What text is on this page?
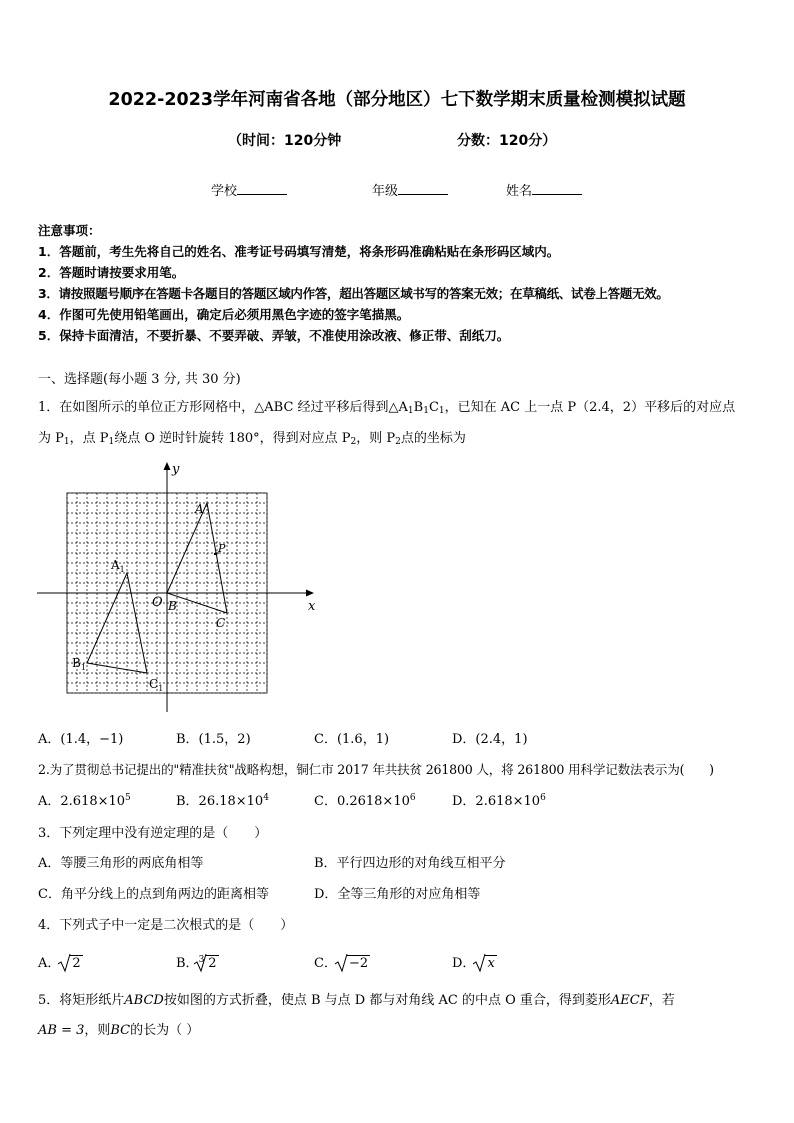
2022-2023学年河南省各地（部分地区）七下数学期末质量检测模拟试题
（时间：120分钟	分数：120分）
学校	年级	姓名
注意事项：
1．答题前，考生先将自己的姓名、准考证号码填写清楚，将条形码准确粘贴在条形码区域内。
2．答题时请按要求用笔。
3．请按照题号顺序在答题卡各题目的答题区域内作答，超出答题区域书写的答案无效；在草稿纸、试卷上答题无效。
4．作图可先使用铅笔画出，确定后必须用黑色字迹的签字笔描黑。
5．保持卡面清洁，不要折暴、不要弄破、弄皱，不准使用涂改液、修正带、刮纸刀。
一、选择题(每小题 3 分, 共 30 分)
1．在如图所示的单位正方形网格中，△ABC 经过平移后得到$\triangle A_1B_1C_1$，已知在 AC 上一点 P（2.4，2）平移后的对应点
为 $P_1$，点 $P_1$绕点 O 逆时针旋转 180°，得到对应点 $P_2$，则 $P_2$点的坐标为
x
y
O
A
B
C
P
$A_1$
$B_1$
$C_1$
A．(1.4，−1)	B．(1.5，2)	C．(1.6，1)	D．(2.4，1)
2.为了贯彻总书记提出的"精准扶贫"战略构想，铜仁市 2017 年共扶贫 261800 人，将 261800 用科学记数法表示为(　　)
A．$2.618\times 10^5$	B．$26.18\times 10^4$	C．$0.2618\times 10^6$	D．$2.618\times 10^6$
3．下列定理中没有逆定理的是（　　）
A．等腰三角形的两底角相等	B．平行四边形的对角线互相平分
C．角平分线上的点到角两边的距离相等	D．全等三角形的对应角相等
4．下列式子中一定是二次根式的是（　　）
A． 2	B．$^3$ 2	C． −2	D． x
5．将矩形纸片ABCD按如图的方式折叠，使点 B 与点 D 都与对角线 AC 的中点 O 重合，得到菱形AECF，若
AB = 3，则BC的长为（ ）
